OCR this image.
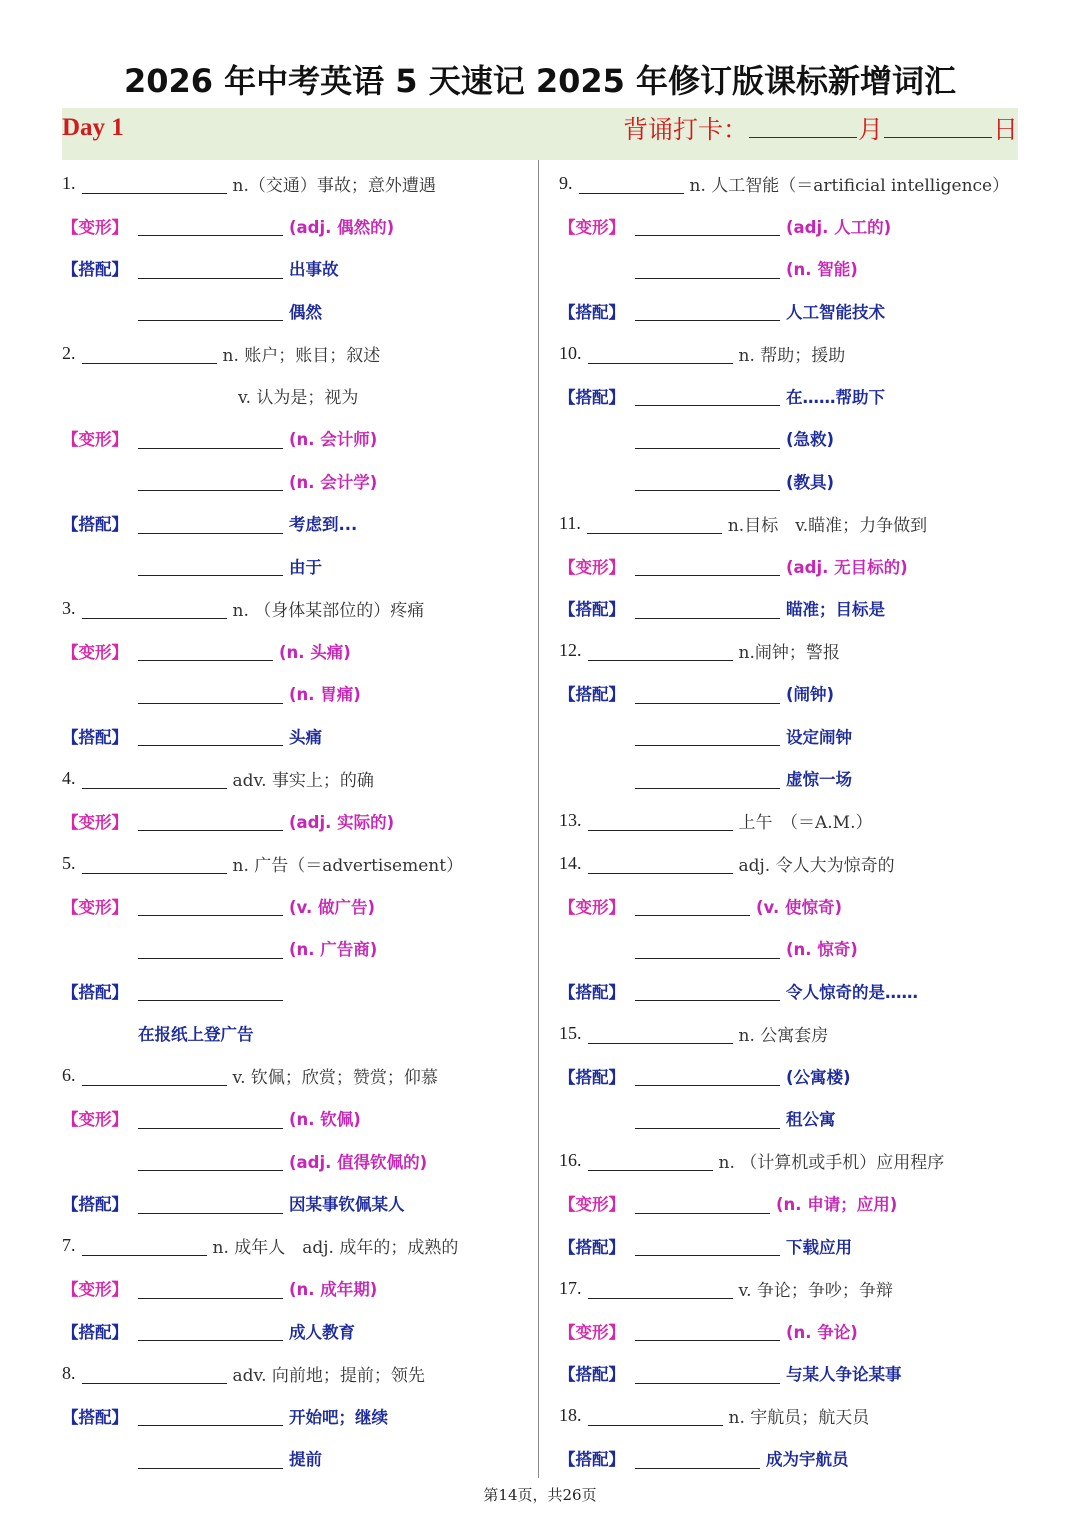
2026 年中考英语 5 天速记 2025 年修订版课标新增词汇
Day 1	背诵打卡：	月	日
1.	n.（交通）事故；意外遭遇
【变形】	(adj. 偶然的)
【搭配】	出事故
偶然
2.	n. 账户；账目；叙述
v. 认为是；视为
【变形】	(n. 会计师)
(n. 会计学)
【搭配】	考虑到...
由于
3.	n. （身体某部位的）疼痛
【变形】	(n. 头痛)
(n. 胃痛)
【搭配】	头痛
4.	adv. 事实上；的确
【变形】	(adj. 实际的)
5.	n. 广告（＝advertisement）
【变形】	(v. 做广告)
(n. 广告商)
【搭配】
在报纸上登广告
6.	v. 钦佩；欣赏；赞赏；仰慕
【变形】	(n. 钦佩)
(adj. 值得钦佩的)
【搭配】	因某事钦佩某人
7.	n. 成年人　adj. 成年的；成熟的
【变形】	(n. 成年期)
【搭配】	成人教育
8.	adv. 向前地；提前；领先
【搭配】	开始吧；继续
提前
9.	n. 人工智能（＝artificial intelligence）
【变形】	(adj. 人工的)
(n. 智能)
【搭配】	人工智能技术
10.	n. 帮助；援助
【搭配】	在……帮助下
(急救)
(教具)
11.	n.目标　v.瞄准；力争做到
【变形】	(adj. 无目标的)
【搭配】	瞄准；目标是
12.	n.闹钟；警报
【搭配】	(闹钟)
设定闹钟
虚惊一场
13.	上午　（＝A.M.）
14.	adj. 令人大为惊奇的
【变形】	(v. 使惊奇)
(n. 惊奇)
【搭配】	令人惊奇的是……
15.	n. 公寓套房
【搭配】	(公寓楼)
租公寓
16.	n. （计算机或手机）应用程序
【变形】	(n. 申请；应用)
【搭配】	下载应用
17.	v. 争论；争吵；争辩
【变形】	(n. 争论)
【搭配】	与某人争论某事
18.	n. 宇航员；航天员
【搭配】	成为宇航员
第14页，共26页
